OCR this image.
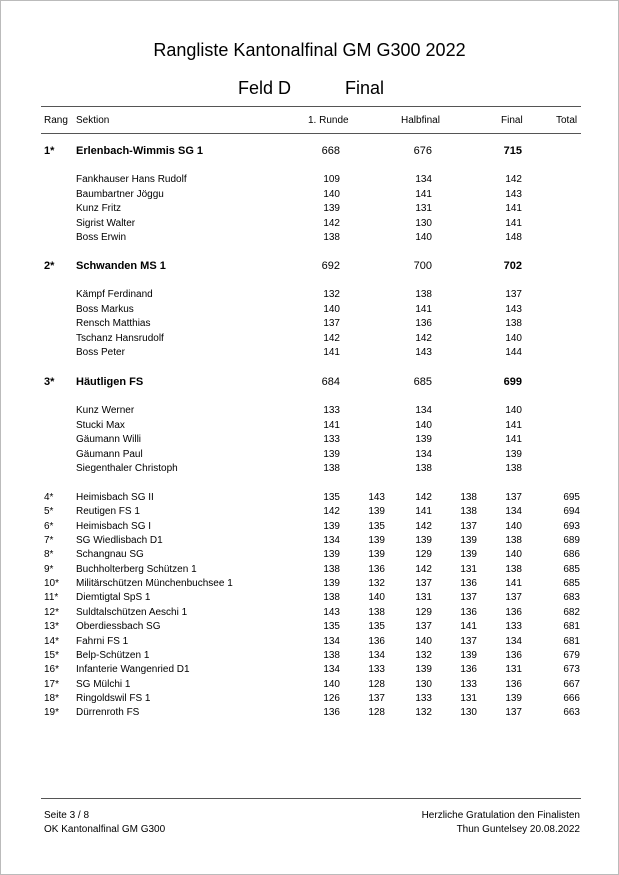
Rangliste Kantonalfinal GM G300 2022
Feld D	Final
Rang Sektion	1. Runde	Halbfinal	Final	Total
1* Erlenbach-Wimmis SG 1	668	676	715
Fankhauser Hans Rudolf	109	134	142
Baumbartner Jöggu	140	141	143
Kunz Fritz	139	131	141
Sigrist Walter	142	130	141
Boss Erwin	138	140	148
2* Schwanden MS 1	692	700	702
Kämpf Ferdinand	132	138	137
Boss Markus	140	141	143
Rensch Matthias	137	136	138
Tschanz Hansrudolf	142	142	140
Boss Peter	141	143	144
3* Häutligen FS	684	685	699
Kunz Werner	133	134	140
Stucki Max	141	140	141
Gäumann Willi	133	139	141
Gäumann Paul	139	134	139
Siegenthaler Christoph	138	138	138
4* Heimisbach SG II	135	143	142	138	137	695
5* Reutigen FS 1	142	139	141	138	134	694
6* Heimisbach SG I	139	135	142	137	140	693
7* SG Wiedlisbach D1	134	139	139	139	138	689
8* Schangnau SG	139	139	129	139	140	686
9* Buchholterberg Schützen 1	138	136	142	131	138	685
10* Militärschützen Münchenbuchsee 1	139	132	137	136	141	685
11* Diemtigtal SpS 1	138	140	131	137	137	683
12* Suldtalschützen Aeschi 1	143	138	129	136	136	682
13* Oberdiessbach SG	135	135	137	141	133	681
14* Fahrni FS 1	134	136	140	137	134	681
15* Belp-Schützen 1	138	134	132	139	136	679
16* Infanterie Wangenried D1	134	133	139	136	131	673
17* SG Mülchi 1	140	128	130	133	136	667
18* Ringoldswil FS 1	126	137	133	131	139	666
19* Dürrenroth FS	136	128	132	130	137	663
Seite 3 / 8
OK Kantonalfinal GM G300
Herzliche Gratulation den Finalisten
Thun Guntelsey 20.08.2022
